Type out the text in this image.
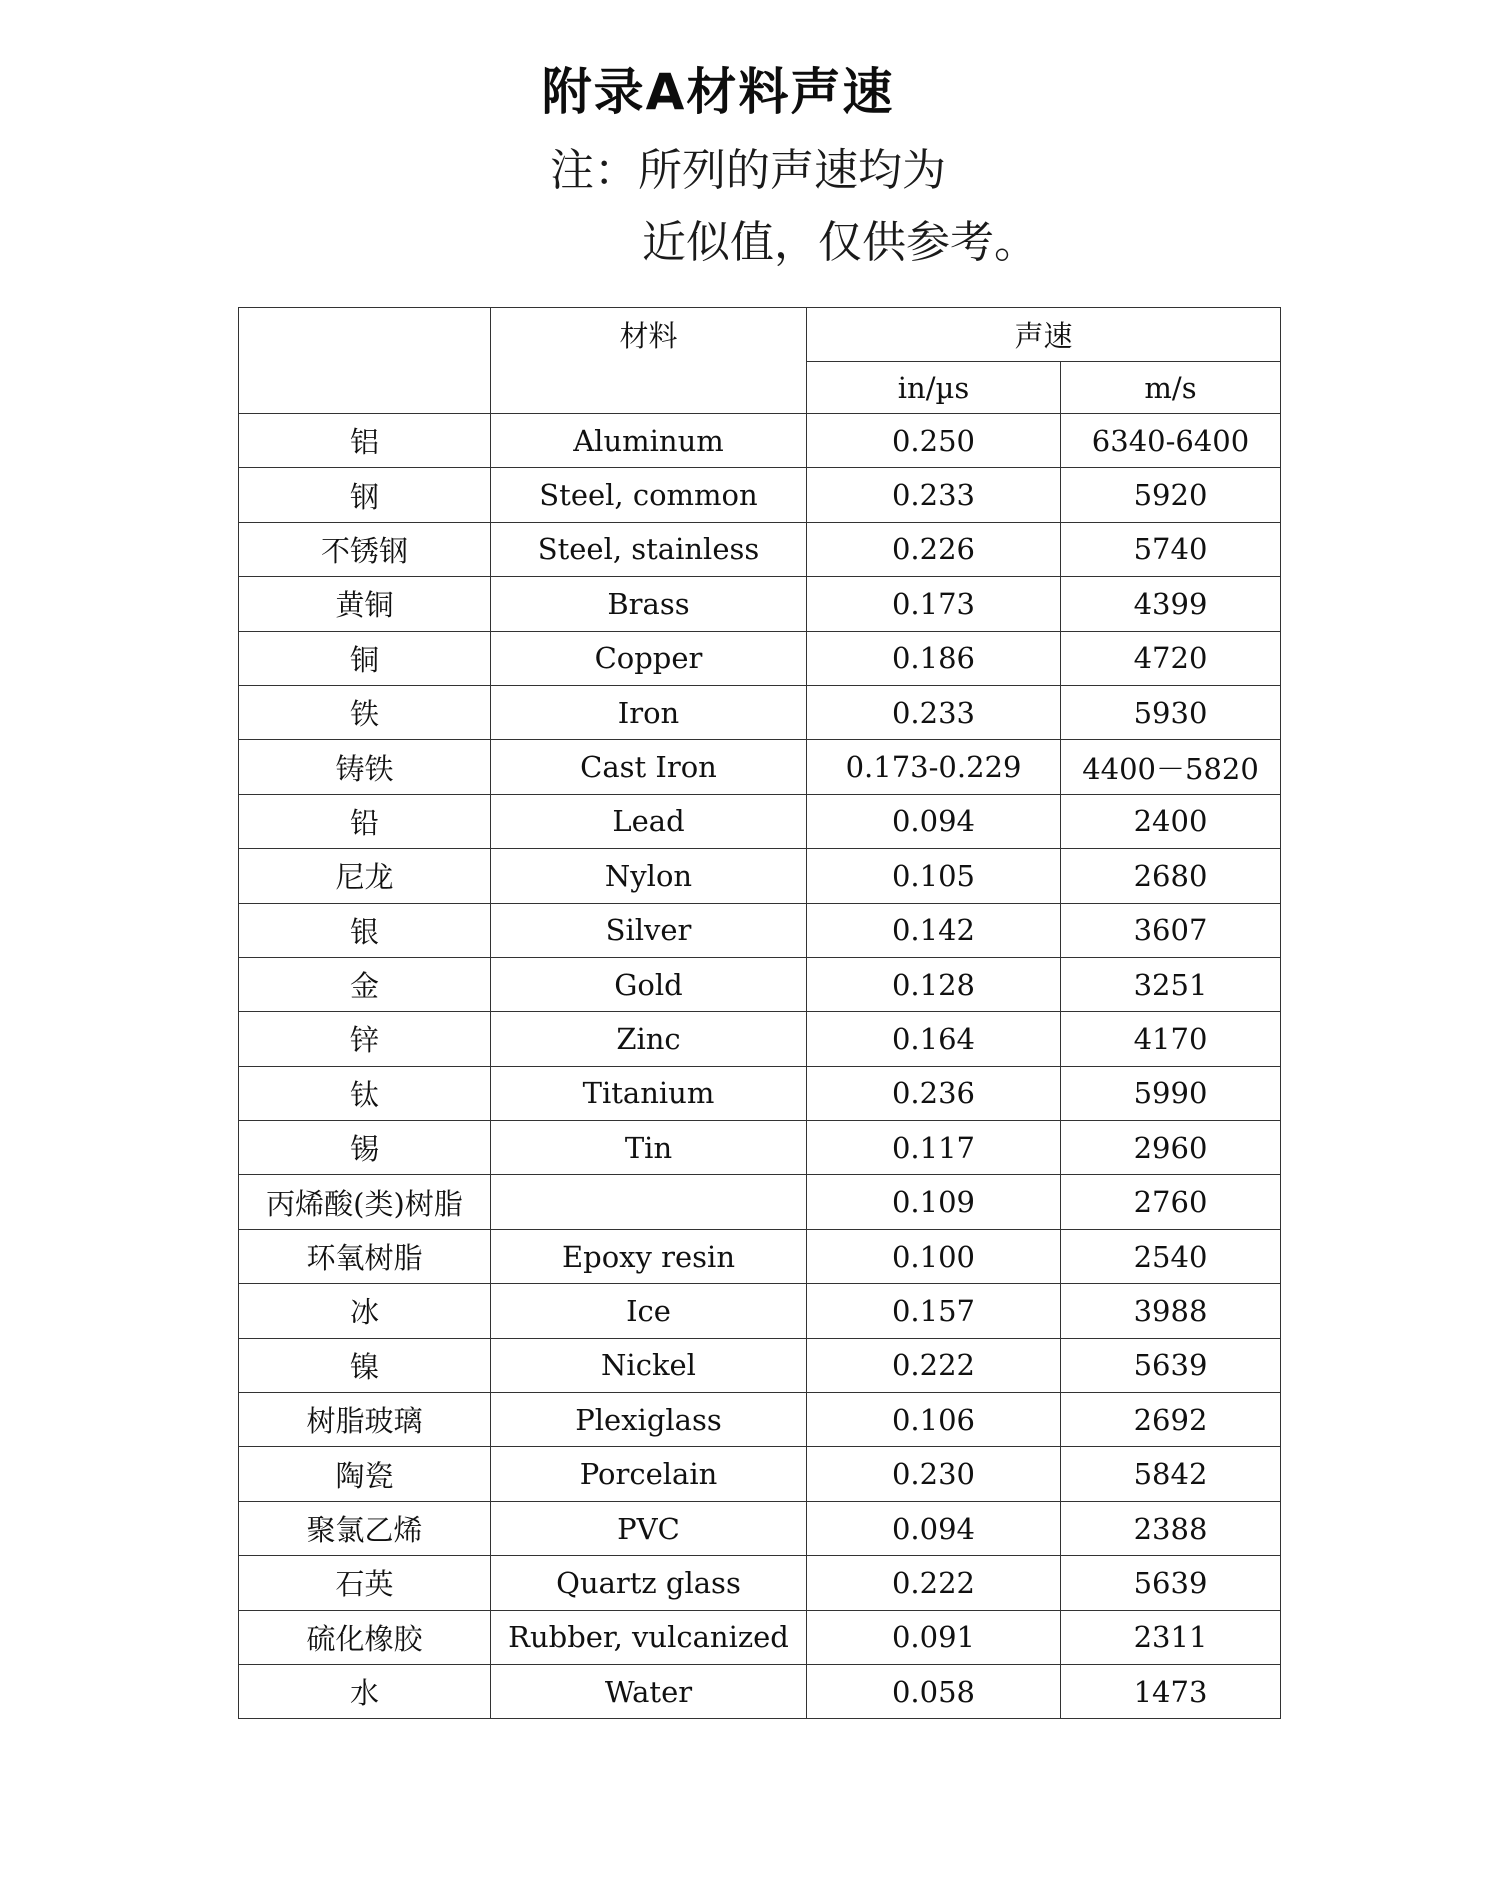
附录A材料声速
注：所列的声速均为
近似值，仅供参考。
	材料	声速	
		in/µs	m/s
铝	Aluminum	0.250	6340-6400
钢	Steel, common	0.233	5920
不锈钢	Steel, stainless	0.226	5740
黄铜	Brass	0.173	4399
铜	Copper	0.186	4720
铁	Iron	0.233	5930
铸铁	Cast Iron	0.173-0.229	4400－5820
铅	Lead	0.094	2400
尼龙	Nylon	0.105	2680
银	Silver	0.142	3607
金	Gold	0.128	3251
锌	Zinc	0.164	4170
钛	Titanium	0.236	5990
锡	Tin	0.117	2960
丙烯酸(类)树脂		0.109	2760
环氧树脂	Epoxy resin	0.100	2540
冰	Ice	0.157	3988
镍	Nickel	0.222	5639
树脂玻璃	Plexiglass	0.106	2692
陶瓷	Porcelain	0.230	5842
聚氯乙烯	PVC	0.094	2388
石英	Quartz glass	0.222	5639
硫化橡胶	Rubber, vulcanized	0.091	2311
水	Water	0.058	1473
